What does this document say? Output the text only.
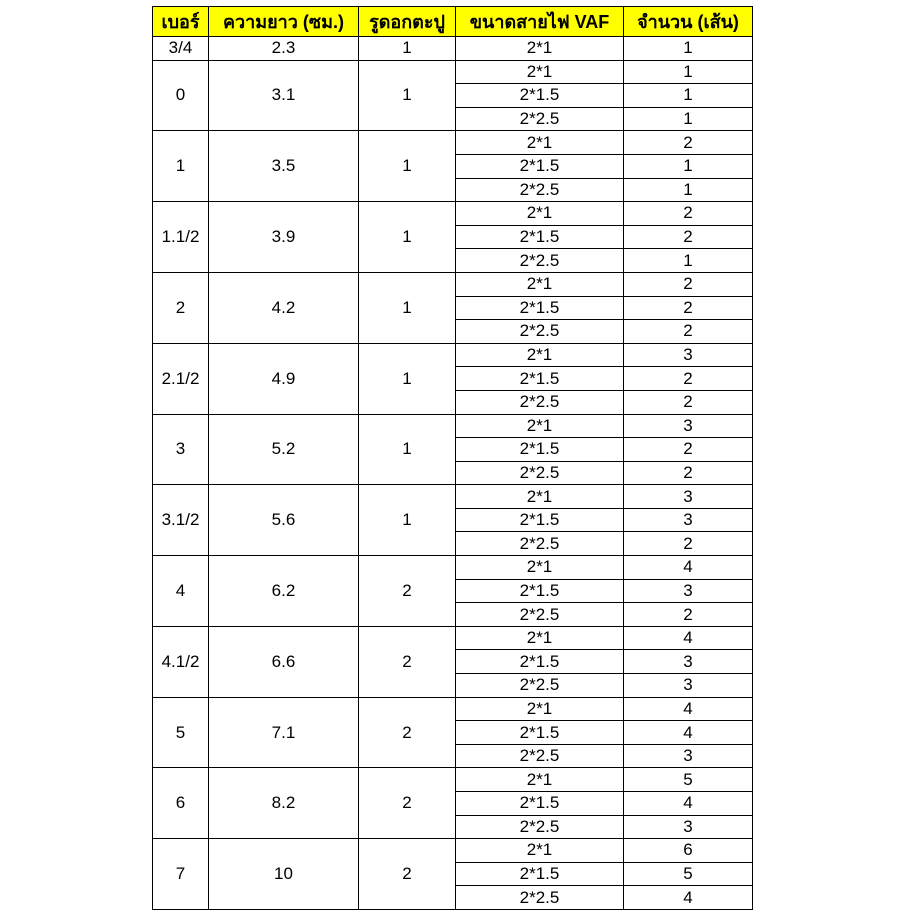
เบอร์	ความยาว (ซม.)	รูดอกตะปู	ขนาดสายไฟ VAF	จำนวน (เส้น)
3/4	2.3	1	2*1	1
0	3.1	1	2*1	1
			2*1.5	1
			2*2.5	1
1	3.5	1	2*1	2
			2*1.5	1
			2*2.5	1
1.1/2	3.9	1	2*1	2
			2*1.5	2
			2*2.5	1
2	4.2	1	2*1	2
			2*1.5	2
			2*2.5	2
2.1/2	4.9	1	2*1	3
			2*1.5	2
			2*2.5	2
3	5.2	1	2*1	3
			2*1.5	2
			2*2.5	2
3.1/2	5.6	1	2*1	3
			2*1.5	3
			2*2.5	2
4	6.2	2	2*1	4
			2*1.5	3
			2*2.5	2
4.1/2	6.6	2	2*1	4
			2*1.5	3
			2*2.5	3
5	7.1	2	2*1	4
			2*1.5	4
			2*2.5	3
6	8.2	2	2*1	5
			2*1.5	4
			2*2.5	3
7	10	2	2*1	6
			2*1.5	5
			2*2.5	4
